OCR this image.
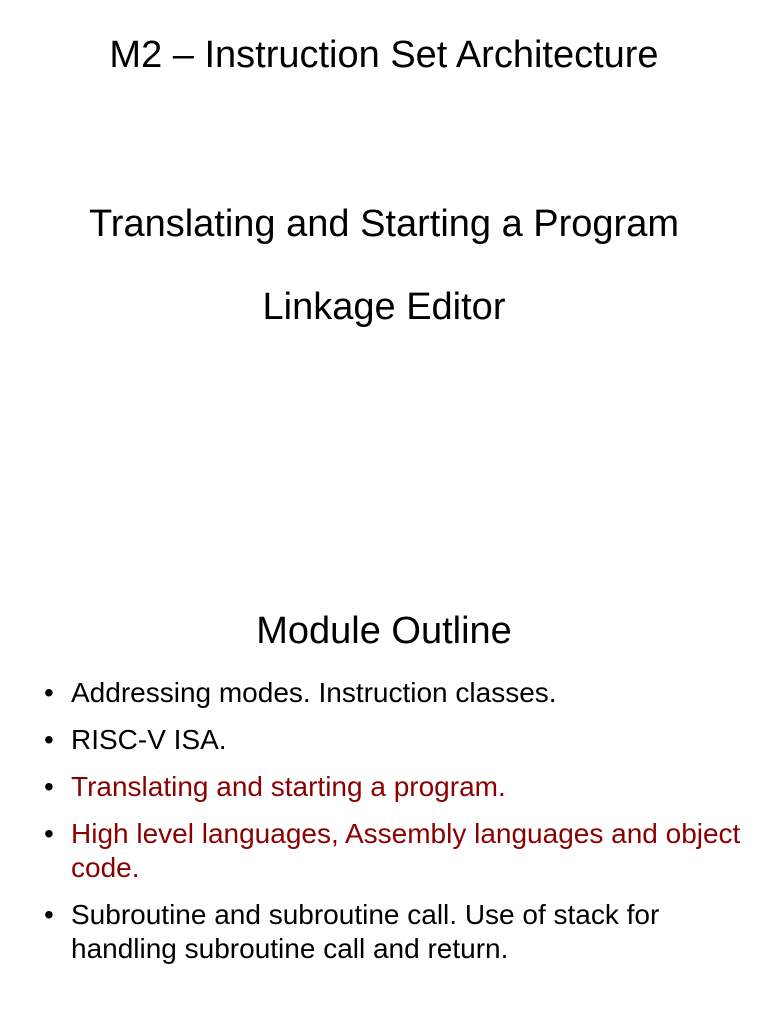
M2 – Instruction Set Architecture
Translating and Starting a Program
Linkage Editor
Module Outline
• Addressing modes. Instruction classes.
• RISC-V ISA.
• Translating and starting a program.
• High level languages, Assembly languages and object code.
• Subroutine and subroutine call. Use of stack for handling subroutine call and return.
